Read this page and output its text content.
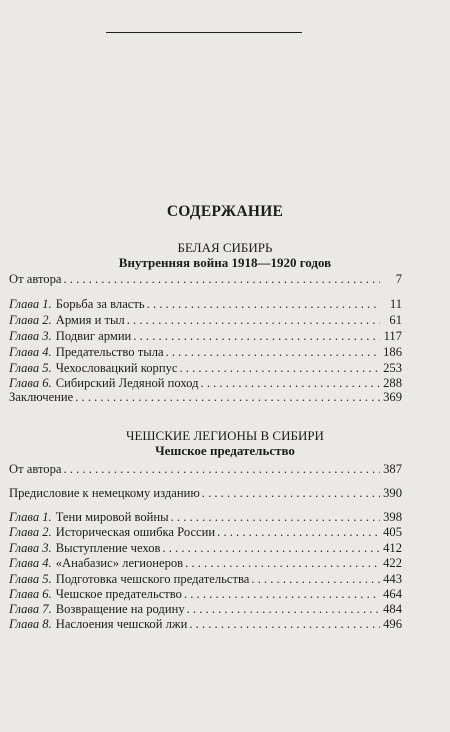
СОДЕРЖАНИЕ
БЕЛАЯ СИБИРЬ
Внутренняя война 1918—1920 годов
От автора . . .	7
Глава 1. Борьба за власть . . .	11
Глава 2. Армия и тыл . . .	61
Глава 3. Подвиг армии . . .	117
Глава 4. Предательство тыла . . .	186
Глава 5. Чехословацкий корпус . . .	253
Глава 6. Сибирский Ледяной поход . . .	288
Заключение . . .	369
ЧЕШСКИЕ ЛЕГИОНЫ В СИБИРИ
Чешское предательство
От автора . . .	387
Предисловие к немецкому изданию . . .	390
Глава 1. Тени мировой войны . . .	398
Глава 2. Историческая ошибка России . . .	405
Глава 3. Выступление чехов . . .	412
Глава 4. «Анабазис» легионеров . . .	422
Глава 5. Подготовка чешского предательства . . .	443
Глава 6. Чешское предательство . . .	464
Глава 7. Возвращение на родину . . .	484
Глава 8. Наслоения чешской лжи . . .	496
